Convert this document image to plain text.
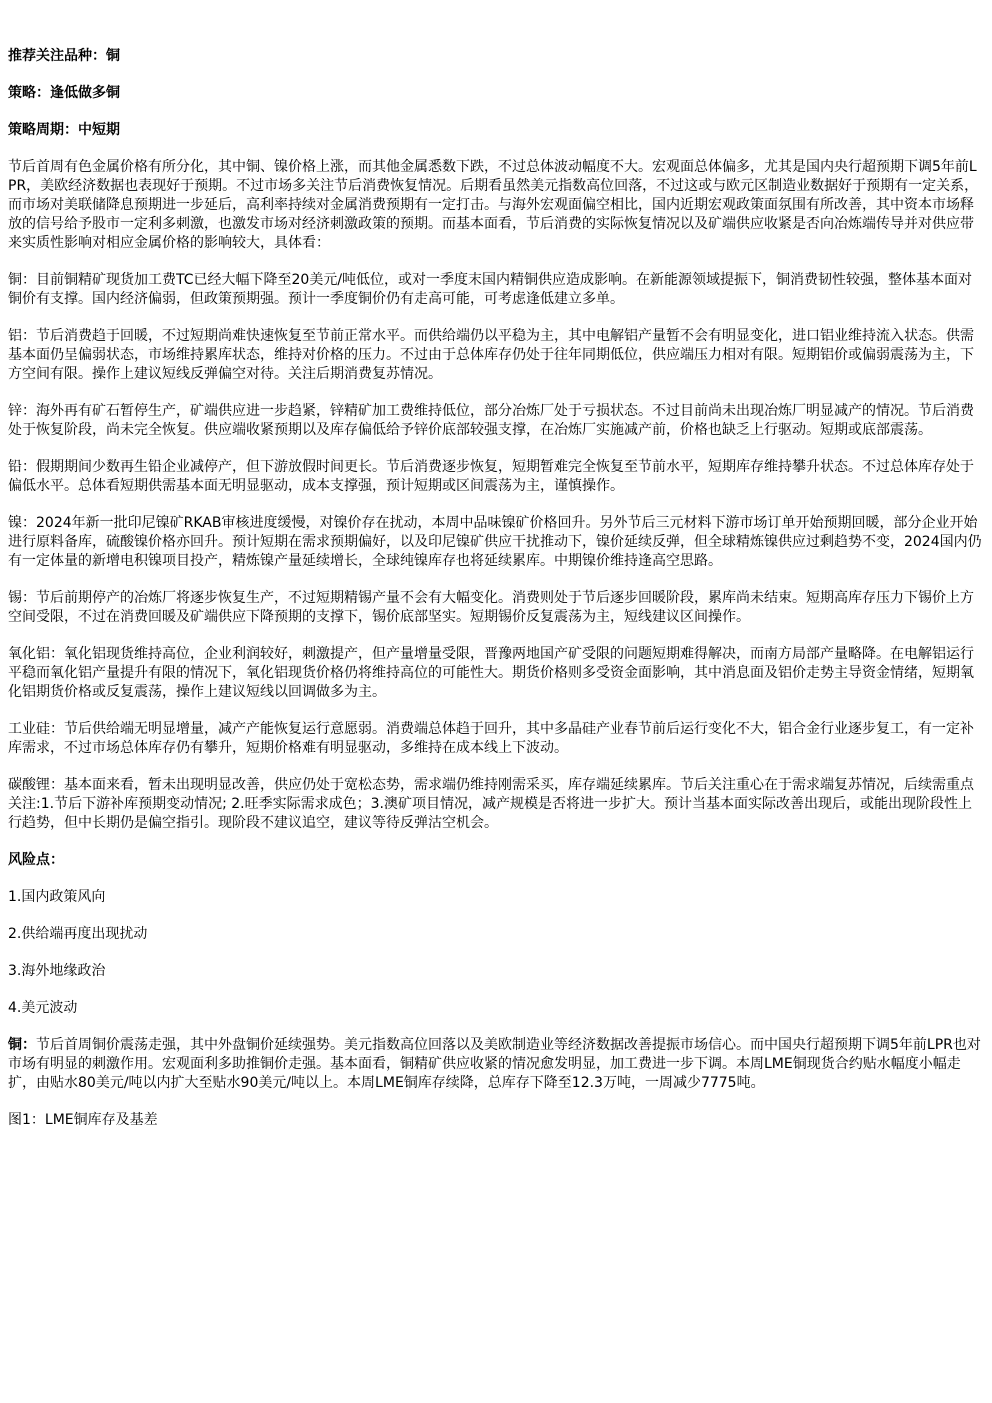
推荐关注品种：铜
策略：逢低做多铜
策略周期：中短期
节后首周有色金属价格有所分化，其中铜、镍价格上涨，而其他金属悉数下跌，不过总体波动幅度不大。宏观面总体偏多，尤其是国内央行超预期下调5年前LPR，美欧经济数据也表现好于预期。不过市场多关注节后消费恢复情况。后期看虽然美元指数高位回落，不过这或与欧元区制造业数据好于预期有一定关系，而市场对美联储降息预期进一步延后，高利率持续对金属消费预期有一定打击。与海外宏观面偏空相比，国内近期宏观政策面氛围有所改善，其中资本市场释放的信号给予股市一定利多刺激，也激发市场对经济刺激政策的预期。而基本面看，节后消费的实际恢复情况以及矿端供应收紧是否向冶炼端传导并对供应带来实质性影响对相应金属价格的影响较大，具体看：
铜：目前铜精矿现货加工费TC已经大幅下降至20美元/吨低位，或对一季度末国内精铜供应造成影响。在新能源领域提振下，铜消费韧性较强，整体基本面对铜价有支撑。国内经济偏弱，但政策预期强。预计一季度铜价仍有走高可能，可考虑逢低建立多单。
铝：节后消费趋于回暖，不过短期尚难快速恢复至节前正常水平。而供给端仍以平稳为主，其中电解铝产量暂不会有明显变化，进口铝业维持流入状态。供需基本面仍呈偏弱状态，市场维持累库状态，维持对价格的压力。不过由于总体库存仍处于往年同期低位，供应端压力相对有限。短期铝价或偏弱震荡为主，下方空间有限。操作上建议短线反弹偏空对待。关注后期消费复苏情况。
锌：海外再有矿石暂停生产，矿端供应进一步趋紧，锌精矿加工费维持低位，部分冶炼厂处于亏损状态。不过目前尚未出现冶炼厂明显减产的情况。节后消费处于恢复阶段，尚未完全恢复。供应端收紧预期以及库存偏低给予锌价底部较强支撑，在冶炼厂实施减产前，价格也缺乏上行驱动。短期或底部震荡。
铅：假期期间少数再生铅企业减停产，但下游放假时间更长。节后消费逐步恢复，短期暂难完全恢复至节前水平，短期库存维持攀升状态。不过总体库存处于偏低水平。总体看短期供需基本面无明显驱动，成本支撑强，预计短期或区间震荡为主，谨慎操作。
镍：2024年新一批印尼镍矿RKAB审核进度缓慢，对镍价存在扰动，本周中品味镍矿价格回升。另外节后三元材料下游市场订单开始预期回暖，部分企业开始进行原料备库，硫酸镍价格亦回升。预计短期在需求预期偏好，以及印尼镍矿供应干扰推动下，镍价延续反弹，但全球精炼镍供应过剩趋势不变，2024国内仍有一定体量的新增电积镍项目投产，精炼镍产量延续增长，全球纯镍库存也将延续累库。中期镍价维持逢高空思路。
锡：节后前期停产的冶炼厂将逐步恢复生产，不过短期精锡产量不会有大幅变化。消费则处于节后逐步回暖阶段，累库尚未结束。短期高库存压力下锡价上方空间受限，不过在消费回暖及矿端供应下降预期的支撑下，锡价底部坚实。短期锡价反复震荡为主，短线建议区间操作。
氧化铝：氧化铝现货维持高位，企业利润较好，刺激提产，但产量增量受限，晋豫两地国产矿受限的问题短期难得解决，而南方局部产量略降。在电解铝运行平稳而氧化铝产量提升有限的情况下，氧化铝现货价格仍将维持高位的可能性大。期货价格则多受资金面影响，其中消息面及铝价走势主导资金情绪，短期氧化铝期货价格或反复震荡，操作上建议短线以回调做多为主。
工业硅：节后供给端无明显增量，减产产能恢复运行意愿弱。消费端总体趋于回升，其中多晶硅产业春节前后运行变化不大，铝合金行业逐步复工，有一定补库需求，不过市场总体库存仍有攀升，短期价格难有明显驱动，多维持在成本线上下波动。
碳酸锂：基本面来看，暂未出现明显改善，供应仍处于宽松态势，需求端仍维持刚需采买，库存端延续累库。节后关注重心在于需求端复苏情况，后续需重点关注:1.节后下游补库预期变动情况; 2.旺季实际需求成色；3.澳矿项目情况，减产规模是否将进一步扩大。预计当基本面实际改善出现后，或能出现阶段性上行趋势，但中长期仍是偏空指引。现阶段不建议追空，建议等待反弹沽空机会。
风险点：
1.国内政策风向
2.供给端再度出现扰动
3.海外地缘政治
4.美元波动
铜：节后首周铜价震荡走强，其中外盘铜价延续强势。美元指数高位回落以及美欧制造业等经济数据改善提振市场信心。而中国央行超预期下调5年前LPR也对市场有明显的刺激作用。宏观面利多助推铜价走强。基本面看，铜精矿供应收紧的情况愈发明显，加工费进一步下调。本周LME铜现货合约贴水幅度小幅走扩，由贴水80美元/吨以内扩大至贴水90美元/吨以上。本周LME铜库存续降，总库存下降至12.3万吨，一周减少7775吨。
图1：LME铜库存及基差
